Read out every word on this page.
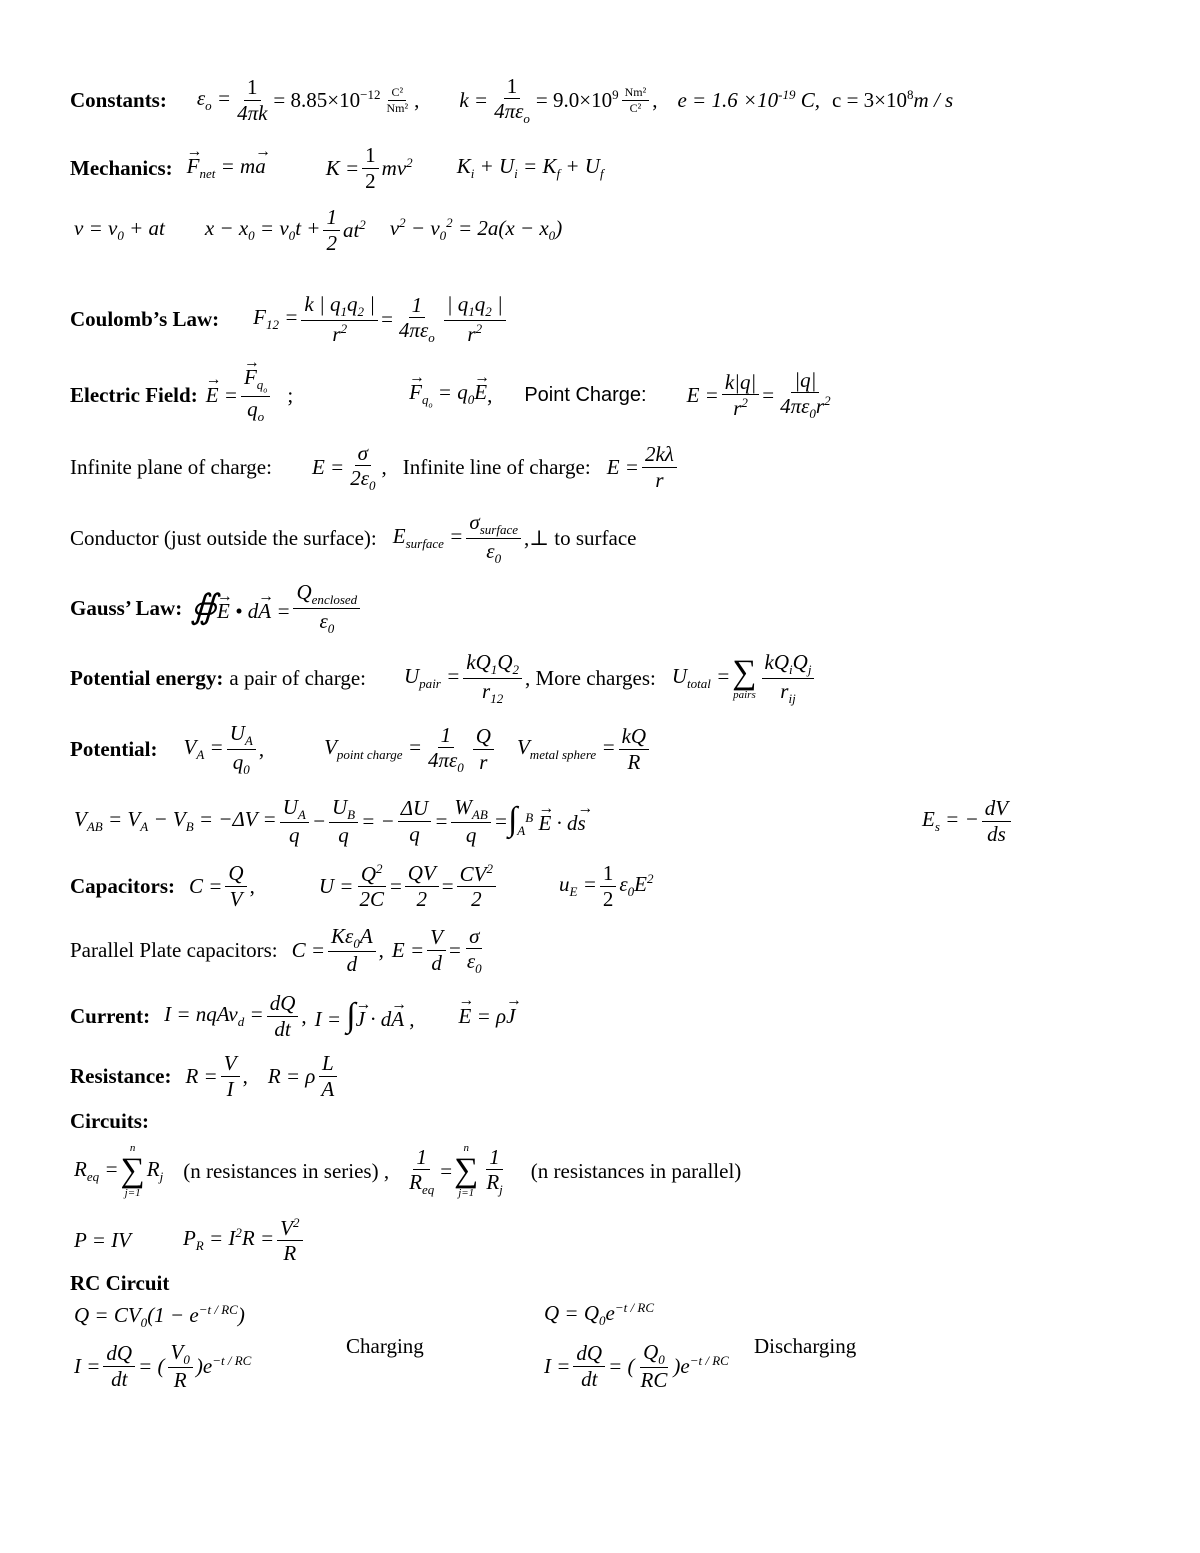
Constants: $\varepsilon_o = \frac{1}{4\pi k} = 8.85\times 10^{-12}$ C²
Nm² , k =
1
$4\pi\varepsilon_o$
= $9.0\times 10^9$ Nm²
C² , $e = 1.6 \times 10^{-19}$ C, $c = 3\times 10^8m / s$
Mechanics: → $F_{net} = m\to a$	$K = \frac{1}{2} mv^2$ $K_i + U_i = K_f + U_f$
$v = v_0$ + at $x - x_0 = v_0t + \frac{1}{2} at^2$ $v^2 - v_0^2 = 2a(x - x_0)$
Coulomb’s Law: $F_{12} = \frac{k | q_1q_2 |}{r^2}$ =
1
$4\pi\varepsilon_o$
| $q_1q_2$ |
$r^2$
Electric Field: → E =
→ $F_{q_o}$
$q_o$
;	→ $F_{q_o} = q_0\to E$ , Point Charge: $E = \frac{k|q|}{r^2} = \frac{|q|}{4\pi\varepsilon_0r^2}$
Infinite plane of charge: $E = \frac{\sigma}{2\varepsilon_0}$ , Infinite line of charge: $E = \frac{2k\lambda}{r}$
Conductor (just outside the surface): $E_{surface}$ =
$\sigma_{surface}$
$\varepsilon_0$
,⊥ to surface
Gauss’ Law: ∯→ E • d→ A =
$Q_{enclosed}$
$\varepsilon_0$
Potential energy: a pair of charge: $U_{pair} = \frac{kQ_1Q_2}{r_{12}}$ , More charges: $U_{total}$ = ∑
pairs
$kQ_iQ_j$
$r_{ij}$
Potential: $V_A = \frac{U_A}{q_0}$ ,	$V_{point charge} = \frac{1}{4\pi\varepsilon_0}$ Q
r
$V_{metal sphere} = \frac{kQ}{R}$
$V_{AB} = V_A - V_B = -\Delta V = \frac{U_A}{q} - \frac{U_B}{q}$ = − $\frac{\Delta U}{q}$ =
$W_{AB}$
q
= $\int_A^B \to E \cdot d\to s$	$E_s$ = − $\frac{dV}{ds}$
Capacitors: $C = \frac{Q}{V}$ ,	$U = \frac{Q^2}{2C} = \frac{QV}{2} = \frac{CV^2}{2}$	$u_E = \frac{1}{2} \varepsilon_0E^2$
Parallel Plate capacitors: $C = \frac{K\varepsilon_0A}{d}$ , $E = \frac{V}{d} = \frac{\sigma}{\varepsilon_0}$
Current: I = nqAv$_d$ = $\frac{dQ}{dt}$ , I = ∫→ J · d→ A , → E = ρ→ J
Resistance: $R = \frac{V}{I}$ , R = ρ
L
A
Circuits:
$R_{eq}$ =
n
∑
j=1
$R_j$ (n resistances in series) ,
1
$R_{eq}$
=
n
∑
j=1
1
$R_j$
(n resistances in parallel)
P = IV $P_R = I^2R = \frac{V^2}{R}$
RC Circuit
$Q = CV_0(1 - e^{-t / RC})$
$I = \frac{dQ}{dt}$ = (
$V_0$
R
)$e^{-t / RC}$
Charging
$Q = Q_0e^{-t / RC}$
$I = \frac{dQ}{dt}$ = (
$Q_0$
RC
)$e^{-t / RC}$
Discharging
